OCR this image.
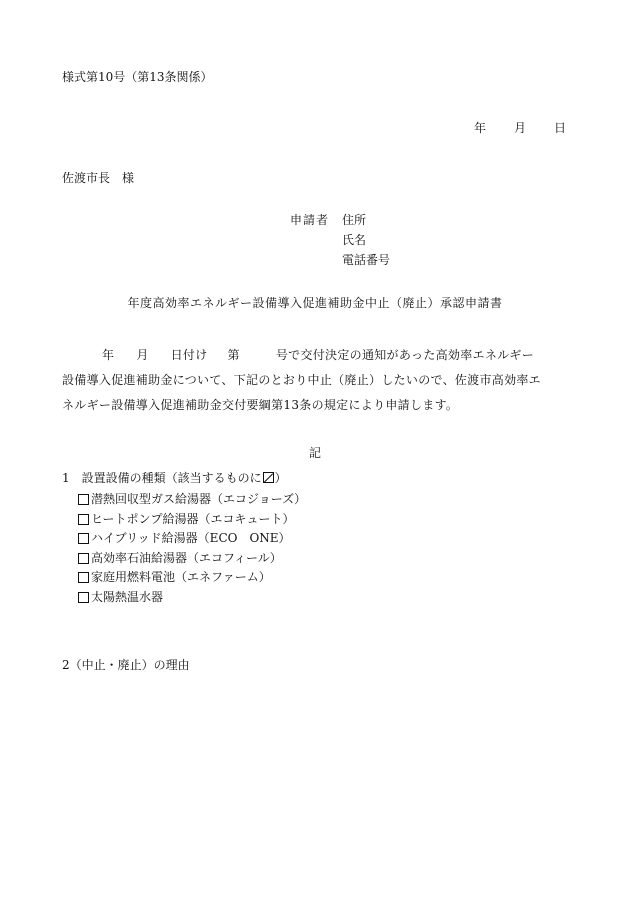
様式第10号（第13条関係）

年 月 日

佐渡市長　様

申請者	住所
氏名
電話番号
年度高効率エネルギー設備導入促進補助金中止（廃止）承認申請書
年 月 日付け 第	号で交付決定の通知があった高効率エネルギー
設備導入促進補助金について、下記のとおり中止（廃止）したいので、佐渡市高効率エ
ネルギー設備導入促進補助金交付要綱第13条の規定により申請します。

記

1　設置設備の種類（該当するものに ）
潜熱回収型ガス給湯器（エコジョーズ）
ヒートポンプ給湯器（エコキュート）
ハイブリッド給湯器（ECO　ONE）
高効率石油給湯器（エコフィール）
家庭用燃料電池（エネファーム）
太陽熱温水器

2（中止・廃止）の理由
